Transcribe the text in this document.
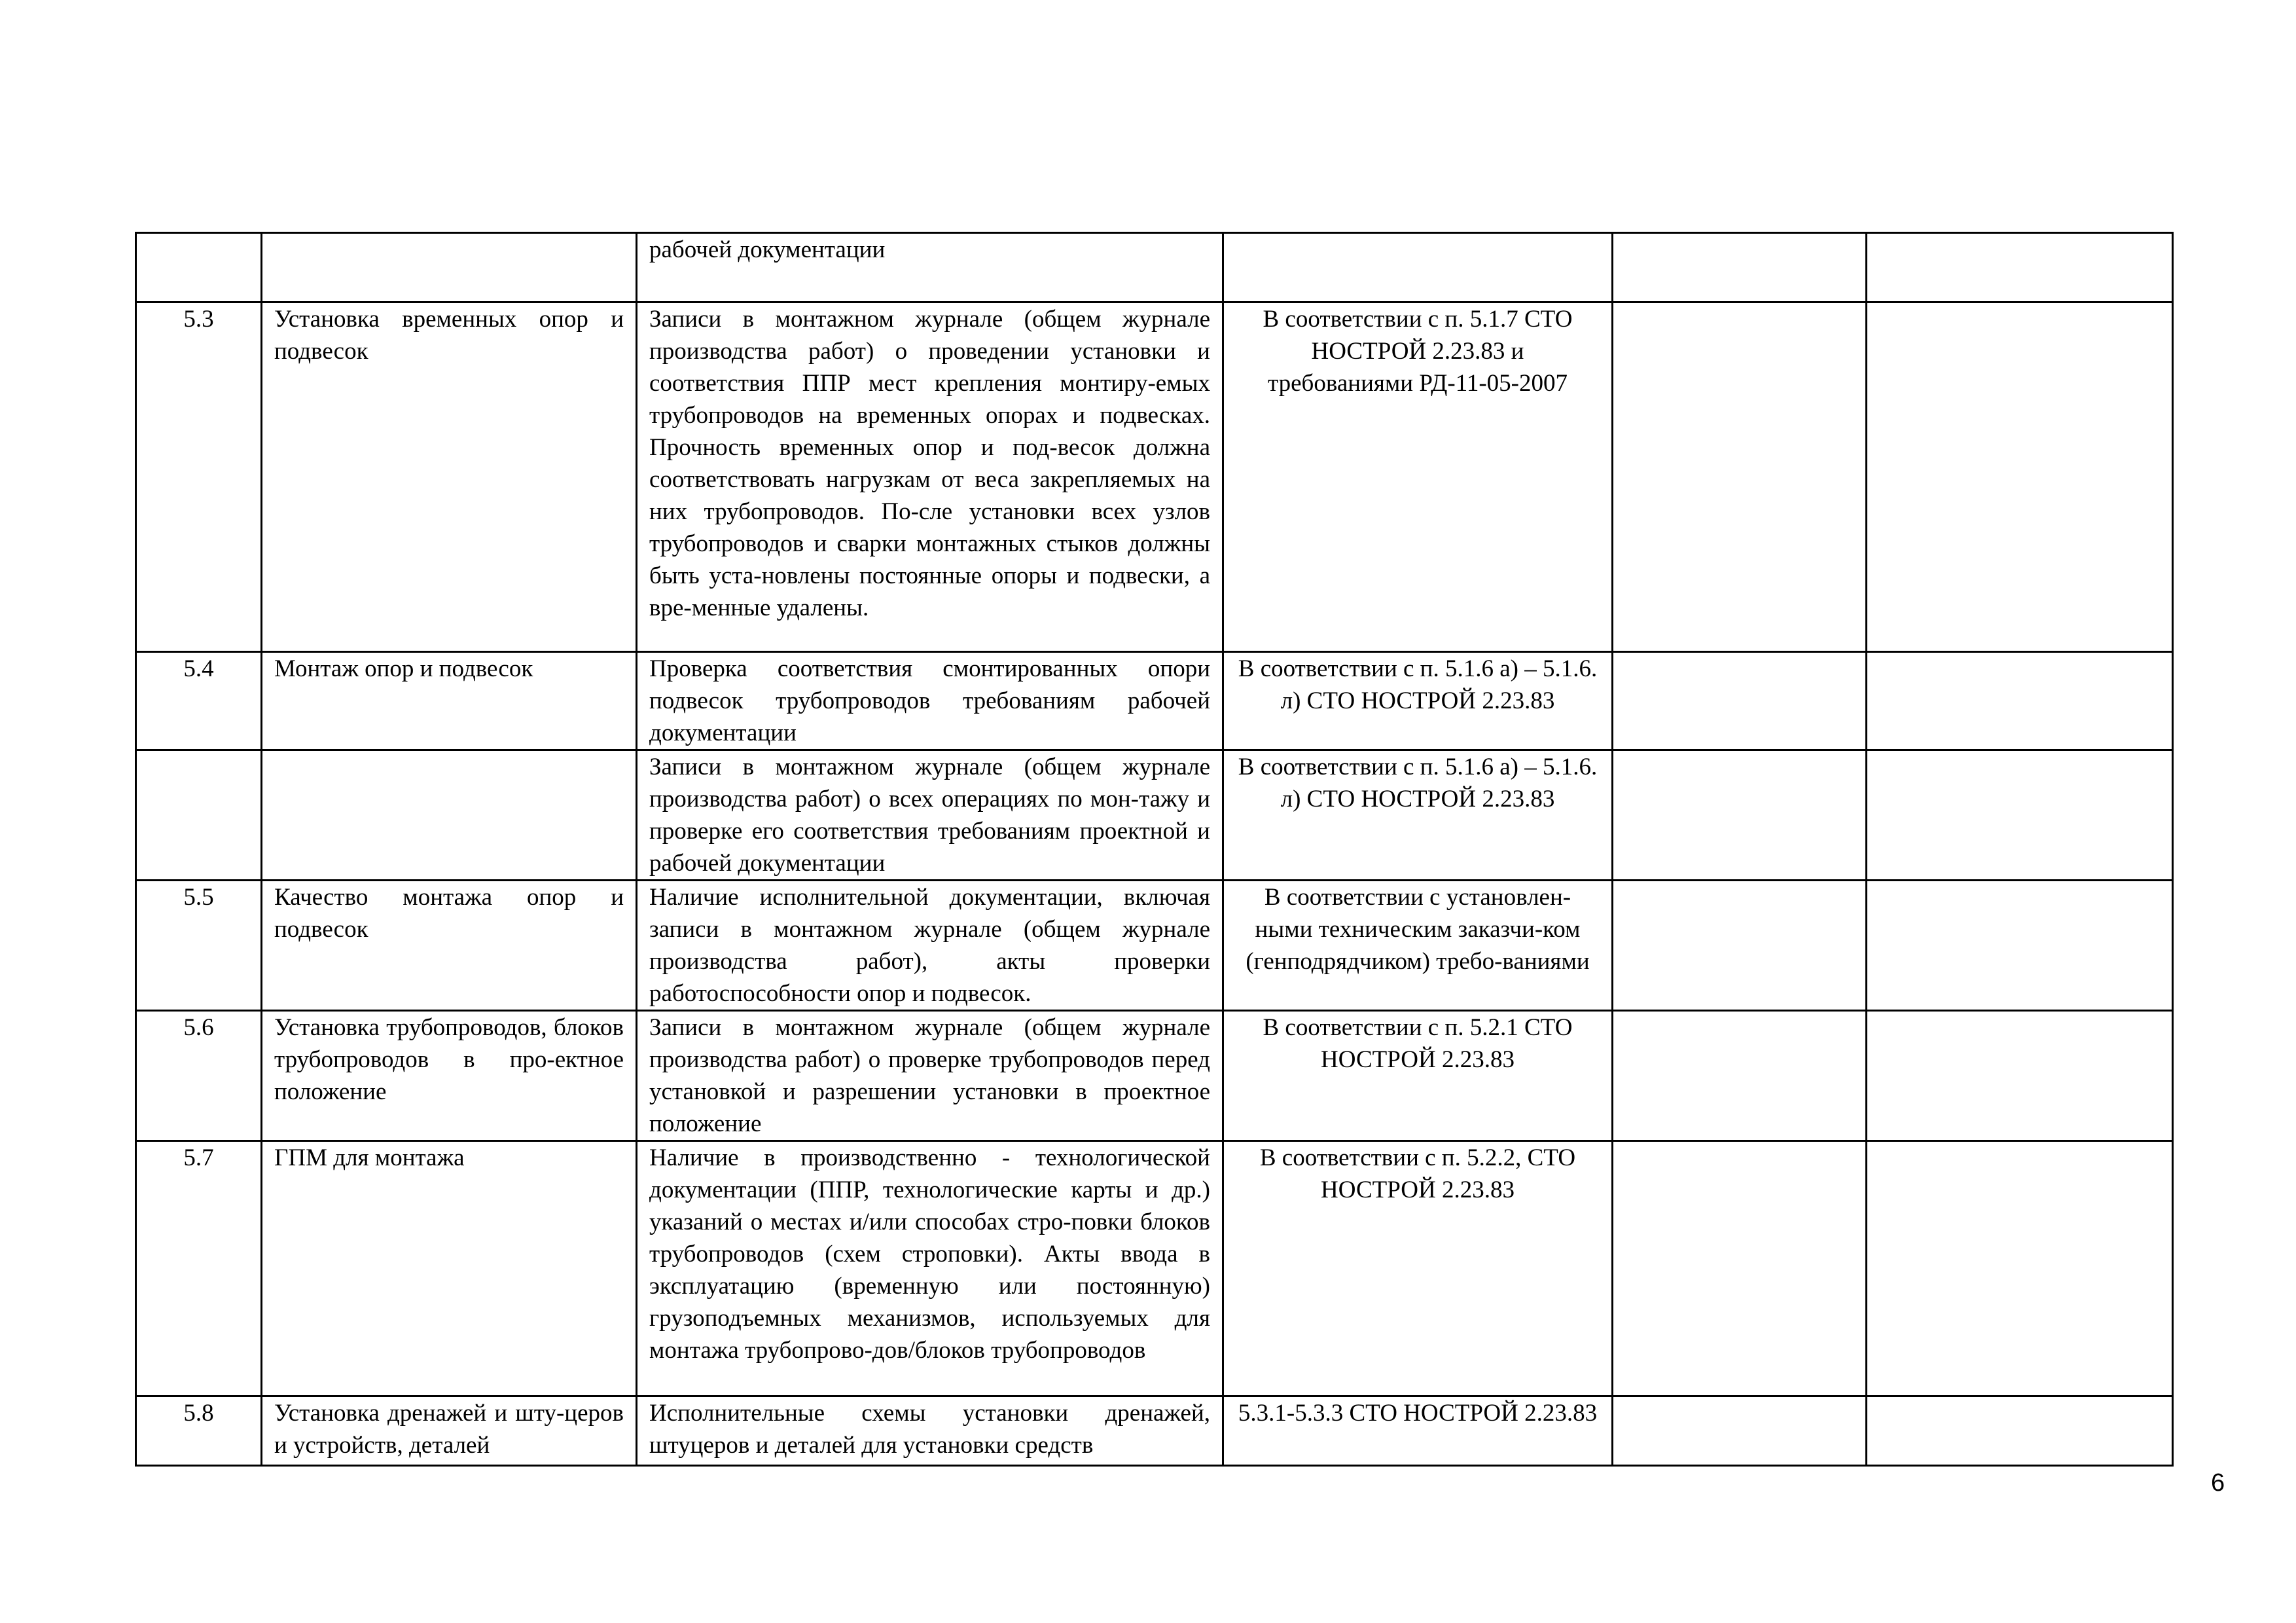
		рабочей документации			
5.3	Установка временных опор и подвесок	Записи в монтажном журнале (общем журнале производства работ) о проведении установки и соответствия ППР мест крепления монтиру-емых трубопроводов на временных опорах и подвесках. Прочность временных опор и под-весок должна соответствовать нагрузкам от веса закрепляемых на них трубопроводов. По-сле установки всех узлов трубопроводов и сварки монтажных стыков должны быть уста-новлены постоянные опоры и подвески, а вре-менные удалены.	В соответствии с п. 5.1.7 СТО НОСТРОЙ 2.23.83 и требованиями РД-11-05-2007		
5.4	Монтаж опор и подвесок	Проверка соответствия смонтированных опори подвесок трубопроводов требованиям рабочей документации	В соответствии с п. 5.1.6 а) – 5.1.6. л) СТО НОСТРОЙ 2.23.83		
		Записи в монтажном журнале (общем журнале производства работ) о всех операциях по мон-тажу и проверке его соответствия требованиям проектной и рабочей документации	В соответствии с п. 5.1.6 а) – 5.1.6. л) СТО НОСТРОЙ 2.23.83		
5.5	Качество монтажа опор и подвесок	Наличие исполнительной документации, включая записи в монтажном журнале (общем журнале производства работ), акты проверки работоспособности опор и подвесок.	В соответствии с установлен-ными техническим заказчи-ком (генподрядчиком) требо-ваниями		
5.6	Установка трубопроводов, блоков трубопроводов в про-ектное положение	Записи в монтажном журнале (общем журнале производства работ) о проверке трубопроводов перед установкой и разрешении установки в проектное положение	В соответствии с п. 5.2.1 СТО НОСТРОЙ 2.23.83		
5.7	ГПМ для монтажа	Наличие в производственно - технологической документации (ППР, технологические карты и др.) указаний о местах и/или способах стро-повки блоков трубопроводов (схем строповки). Акты ввода в эксплуатацию (временную или постоянную) грузоподъемных механизмов, используемых для монтажа трубопрово-дов/блоков трубопроводов	В соответствии с п. 5.2.2, СТО НОСТРОЙ 2.23.83		
5.8	Установка дренажей и шту-церов и устройств, деталей	Исполнительные схемы установки дренажей, штуцеров и деталей для установки средств	5.3.1-5.3.3 СТО НОСТРОЙ 2.23.83		
6
